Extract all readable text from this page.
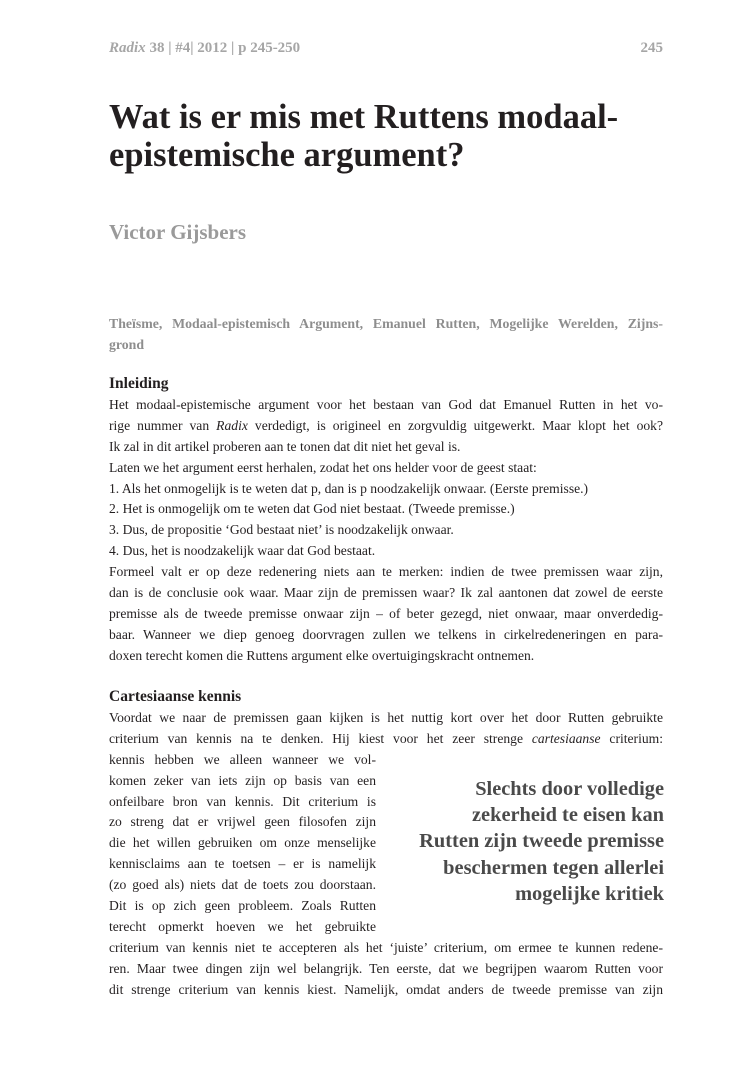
Radix 38 | #4| 2012 | p 245-250	245
Wat is er mis met Ruttens modaal-
epistemische argument?
Victor Gijsbers
Theïsme, Modaal-epistemisch Argument, Emanuel Rutten, Mogelijke Werelden, Zijns-
grond
Inleiding
Het modaal-epistemische argument voor het bestaan van God dat Emanuel Rutten in het vo-
rige nummer van Radix verdedigt, is origineel en zorgvuldig uitgewerkt. Maar klopt het ook?
Ik zal in dit artikel proberen aan te tonen dat dit niet het geval is.
Laten we het argument eerst herhalen, zodat het ons helder voor de geest staat:
1. Als het onmogelijk is te weten dat p, dan is p noodzakelijk onwaar. (Eerste premisse.)
2. Het is onmogelijk om te weten dat God niet bestaat. (Tweede premisse.)
3. Dus, de propositie ‘God bestaat niet’ is noodzakelijk onwaar.
4. Dus, het is noodzakelijk waar dat God bestaat.
Formeel valt er op deze redenering niets aan te merken: indien de twee premissen waar zijn,
dan is de conclusie ook waar. Maar zijn de premissen waar? Ik zal aantonen dat zowel de eerste
premisse als de tweede premisse onwaar zijn – of beter gezegd, niet onwaar, maar onverdedig-
baar. Wanneer we diep genoeg doorvragen zullen we telkens in cirkelredeneringen en para-
doxen terecht komen die Ruttens argument elke overtuigingskracht ontnemen.
Cartesiaanse kennis
Voordat we naar de premissen gaan kijken is het nuttig kort over het door Rutten gebruikte
criterium van kennis na te denken. Hij kiest voor het zeer strenge cartesiaanse criterium:
kennis hebben we alleen wanneer we vol-
komen zeker van iets zijn op basis van een
onfeilbare bron van kennis. Dit criterium is
zo streng dat er vrijwel geen filosofen zijn
die het willen gebruiken om onze menselijke
kennisclaims aan te toetsen – er is namelijk
(zo goed als) niets dat de toets zou doorstaan.
Dit is op zich geen probleem. Zoals Rutten
terecht opmerkt hoeven we het gebruikte
criterium van kennis niet te accepteren als het ‘juiste’ criterium, om ermee te kunnen redene-
ren. Maar twee dingen zijn wel belangrijk. Ten eerste, dat we begrijpen waarom Rutten voor
dit strenge criterium van kennis kiest. Namelijk, omdat anders de tweede premisse van zijn
Slechts door volledige
zekerheid te eisen kan
Rutten zijn tweede premisse
beschermen tegen allerlei
mogelijke kritiek
